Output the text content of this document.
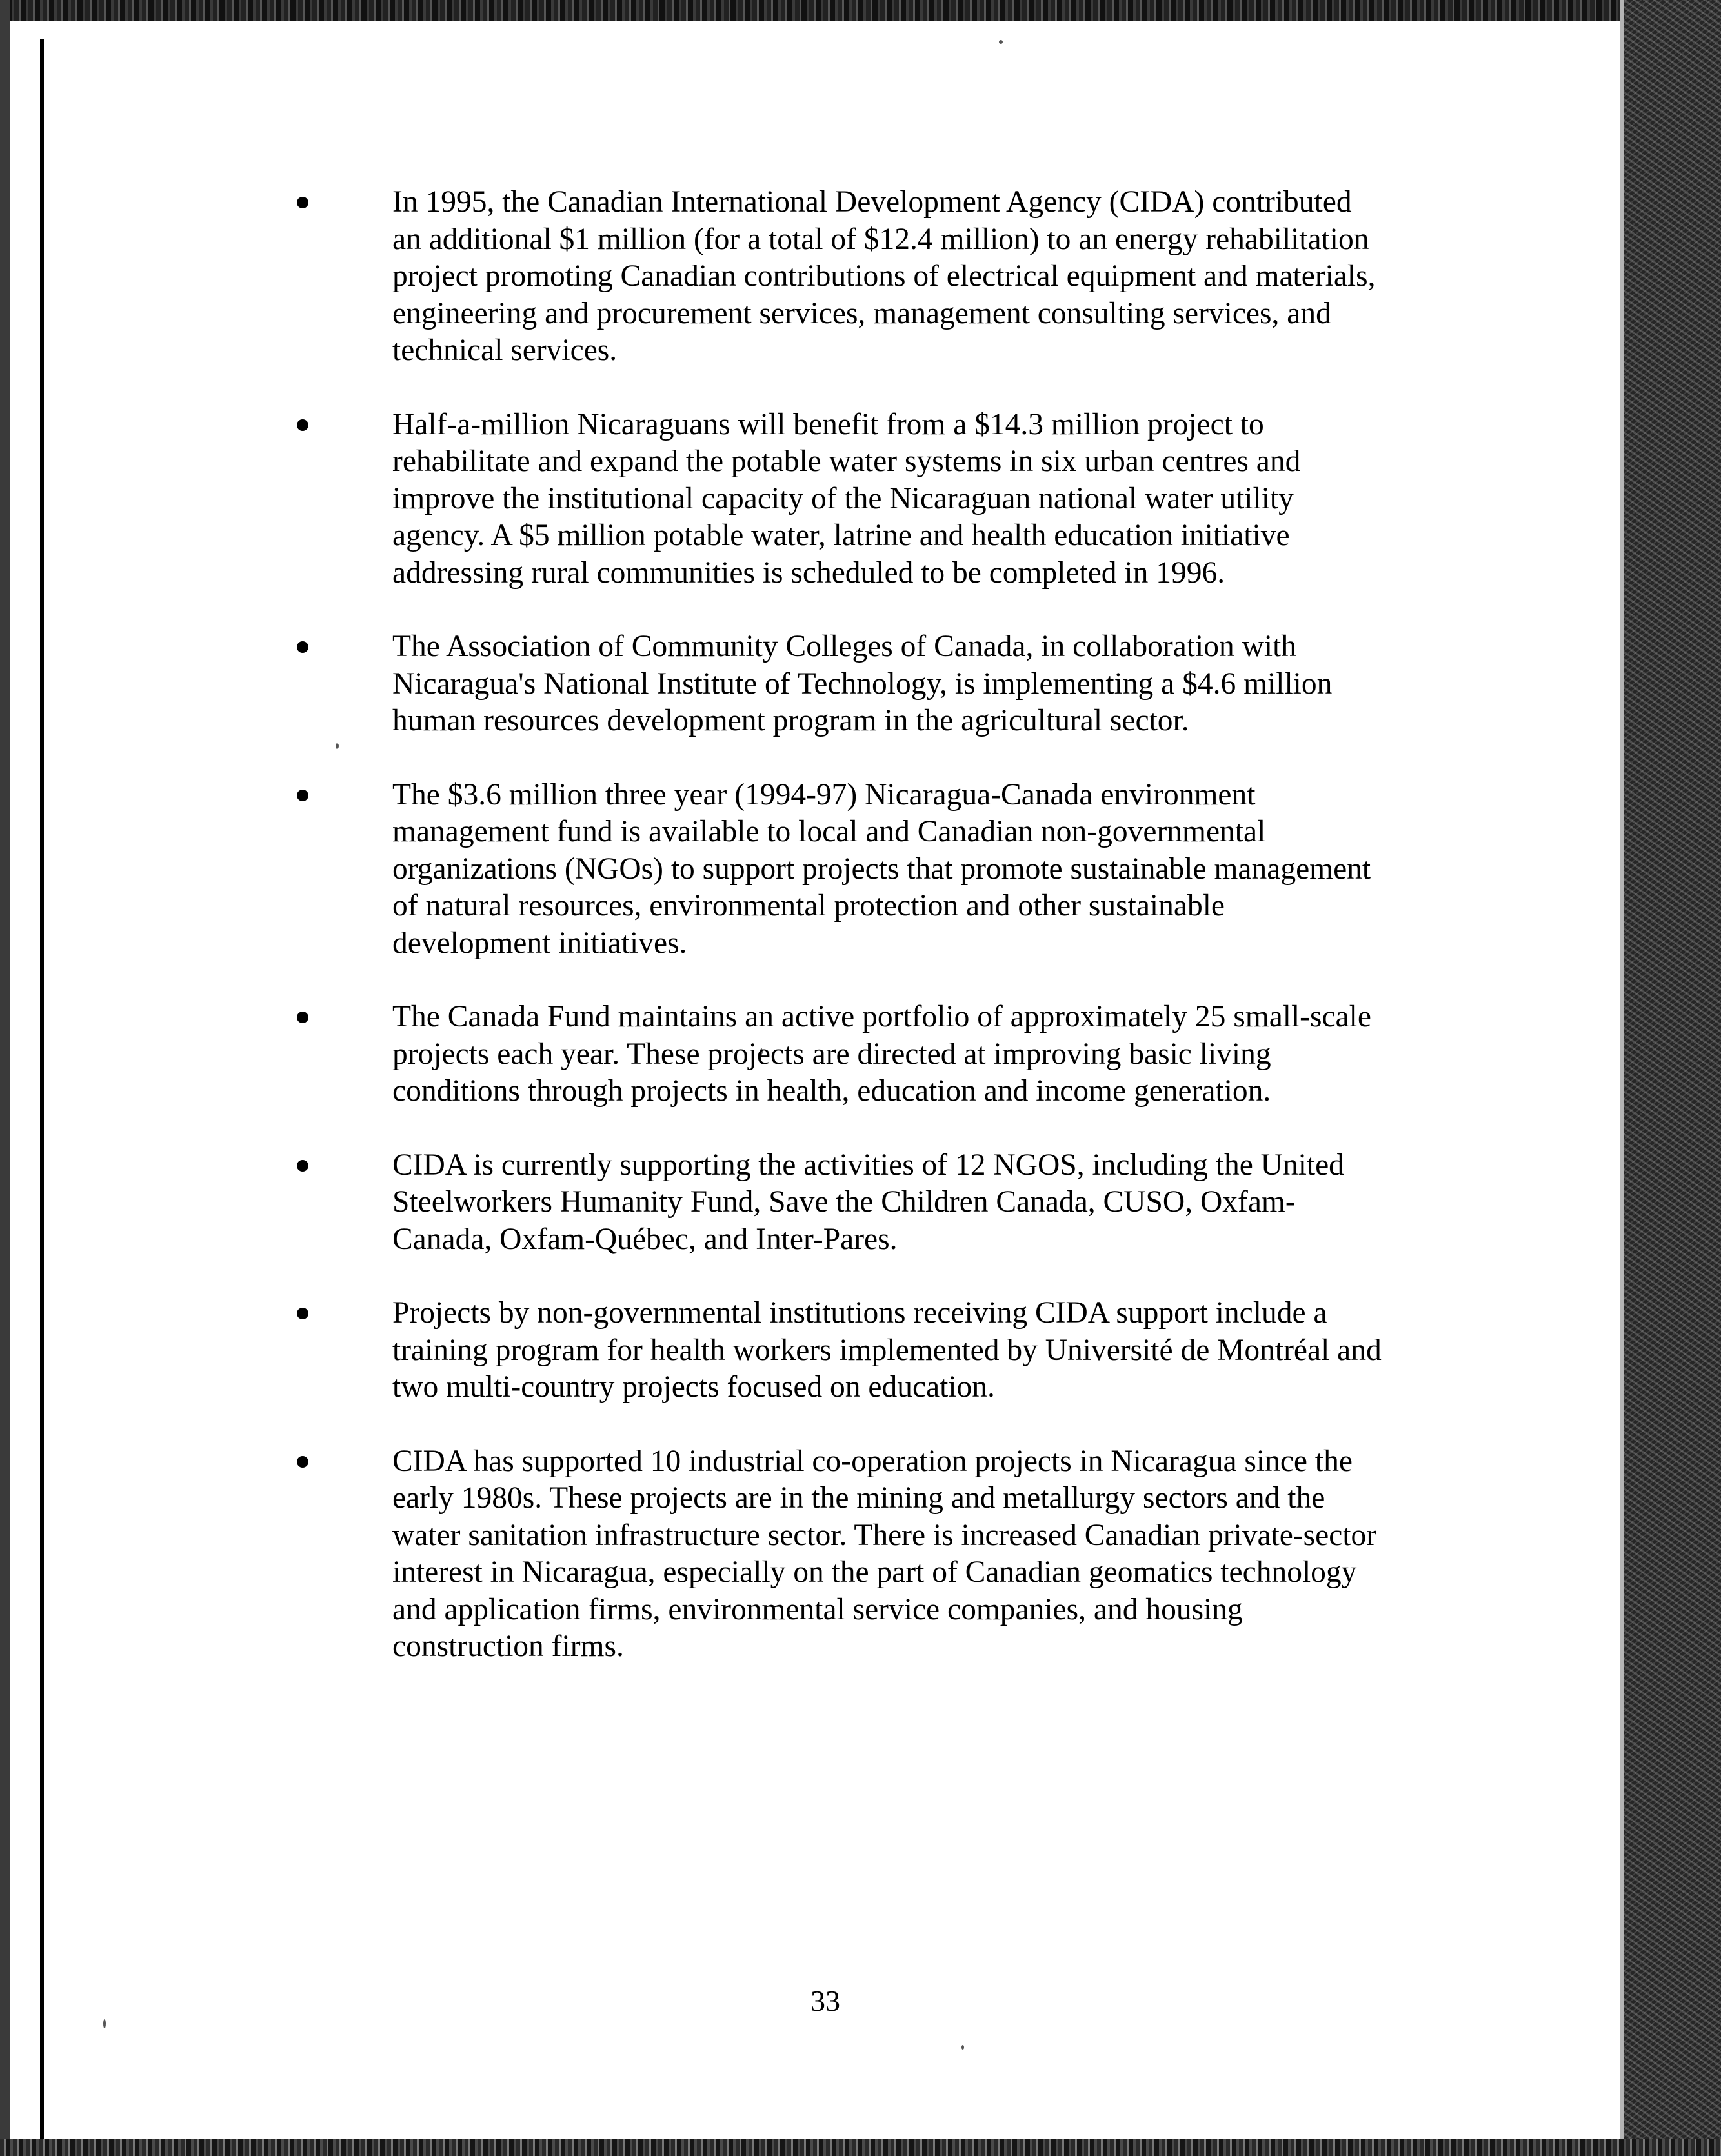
In 1995, the Canadian International Development Agency (CIDA) contributed an additional $1 million (for a total of $12.4 million) to an energy rehabilitation project promoting Canadian contributions of electrical equipment and materials, engineering and procurement services, management consulting services, and technical services.

Half-a-million Nicaraguans will benefit from a $14.3 million project to rehabilitate and expand the potable water systems in six urban centres and improve the institutional capacity of the Nicaraguan national water utility agency. A $5 million potable water, latrine and health education initiative addressing rural communities is scheduled to be completed in 1996.

The Association of Community Colleges of Canada, in collaboration with Nicaragua's National Institute of Technology, is implementing a $4.6 million human resources development program in the agricultural sector.

The $3.6 million three year (1994-97) Nicaragua-Canada environment management fund is available to local and Canadian non-governmental organizations (NGOs) to support projects that promote sustainable management of natural resources, environmental protection and other sustainable development initiatives.

The Canada Fund maintains an active portfolio of approximately 25 small-scale projects each year. These projects are directed at improving basic living conditions through projects in health, education and income generation.

CIDA is currently supporting the activities of 12 NGOS, including the United Steelworkers Humanity Fund, Save the Children Canada, CUSO, Oxfam-Canada, Oxfam-Québec, and Inter-Pares.

Projects by non-governmental institutions receiving CIDA support include a training program for health workers implemented by Université de Montréal and two multi-country projects focused on education.

CIDA has supported 10 industrial co-operation projects in Nicaragua since the early 1980s. These projects are in the mining and metallurgy sectors and the water sanitation infrastructure sector. There is increased Canadian private-sector interest in Nicaragua, especially on the part of Canadian geomatics technology and application firms, environmental service companies, and housing construction firms.

33
